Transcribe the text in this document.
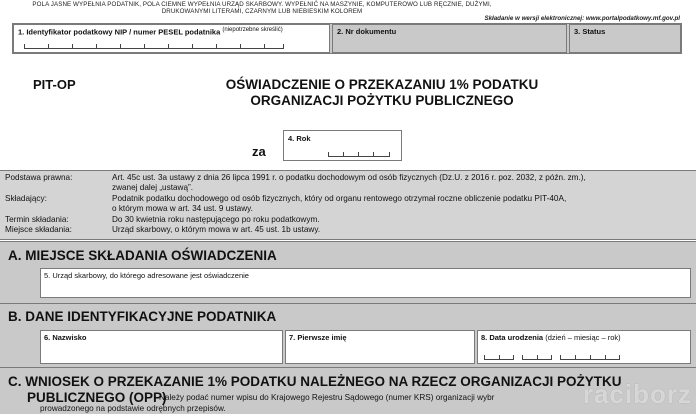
POLA JASNE WYPEŁNIA PODATNIK, POLA CIEMNE WYPEŁNIA URZĄD SKARBOWY. WYPEŁNIĆ NA MASZYNIE, KOMPUTEROWO LUB RĘCZNIE, DUŻYMI,
DRUKOWANYMI LITERAMI, CZARNYM LUB NIEBIESKIM KOLOREM
Składanie w wersji elektronicznej: www.portalpodatkowy.mf.gov.pl
1. Identyfikator podatkowy NIP / numer PESEL podatnika $^{(niepotrzebne skreślić)}$	2. Nr dokumentu	3. Status
PIT-OP	OŚWIADCZENIE O PRZEKAZANIU 1% PODATKU
ORGANIZACJI POŻYTKU PUBLICZNEGO
za
4. Rok
Podstawa prawna:	Art. 45c ust. 3a ustawy z dnia 26 lipca 1991 r. o podatku dochodowym od osób fizycznych (Dz.U. z 2016 r. poz. 2032, z późn. zm.),
zwanej dalej „ustawą”.
Składający:	Podatnik podatku dochodowego od osób fizycznych, który od organu rentowego otrzymał roczne obliczenie podatku PIT-40A,
o którym mowa w art. 34 ust. 9 ustawy.
Termin składania:	Do 30 kwietnia roku następującego po roku podatkowym.
Miejsce składania:	Urząd skarbowy, o którym mowa w art. 45 ust. 1b ustawy.
A. MIEJSCE SKŁADANIA OŚWIADCZENIA
5. Urząd skarbowy, do którego adresowane jest oświadczenie
B. DANE IDENTYFIKACYJNE PODATNIKA
6. Nazwisko	7. Pierwsze imię	8. Data urodzenia (dzień – miesiąc – rok)
C. WNIOSEK O PRZEKAZANIE 1% PODATKU NALEŻNEGO NA RZECZ ORGANIZACJI POŻYTKU
PUBLICZNEGO (OPP)
Należy podać numer wpisu do Krajowego Rejestru Sądowego (numer KRS) organizacji wybr
prowadzonego na podstawie odrębnych przepisów.	raciborz
